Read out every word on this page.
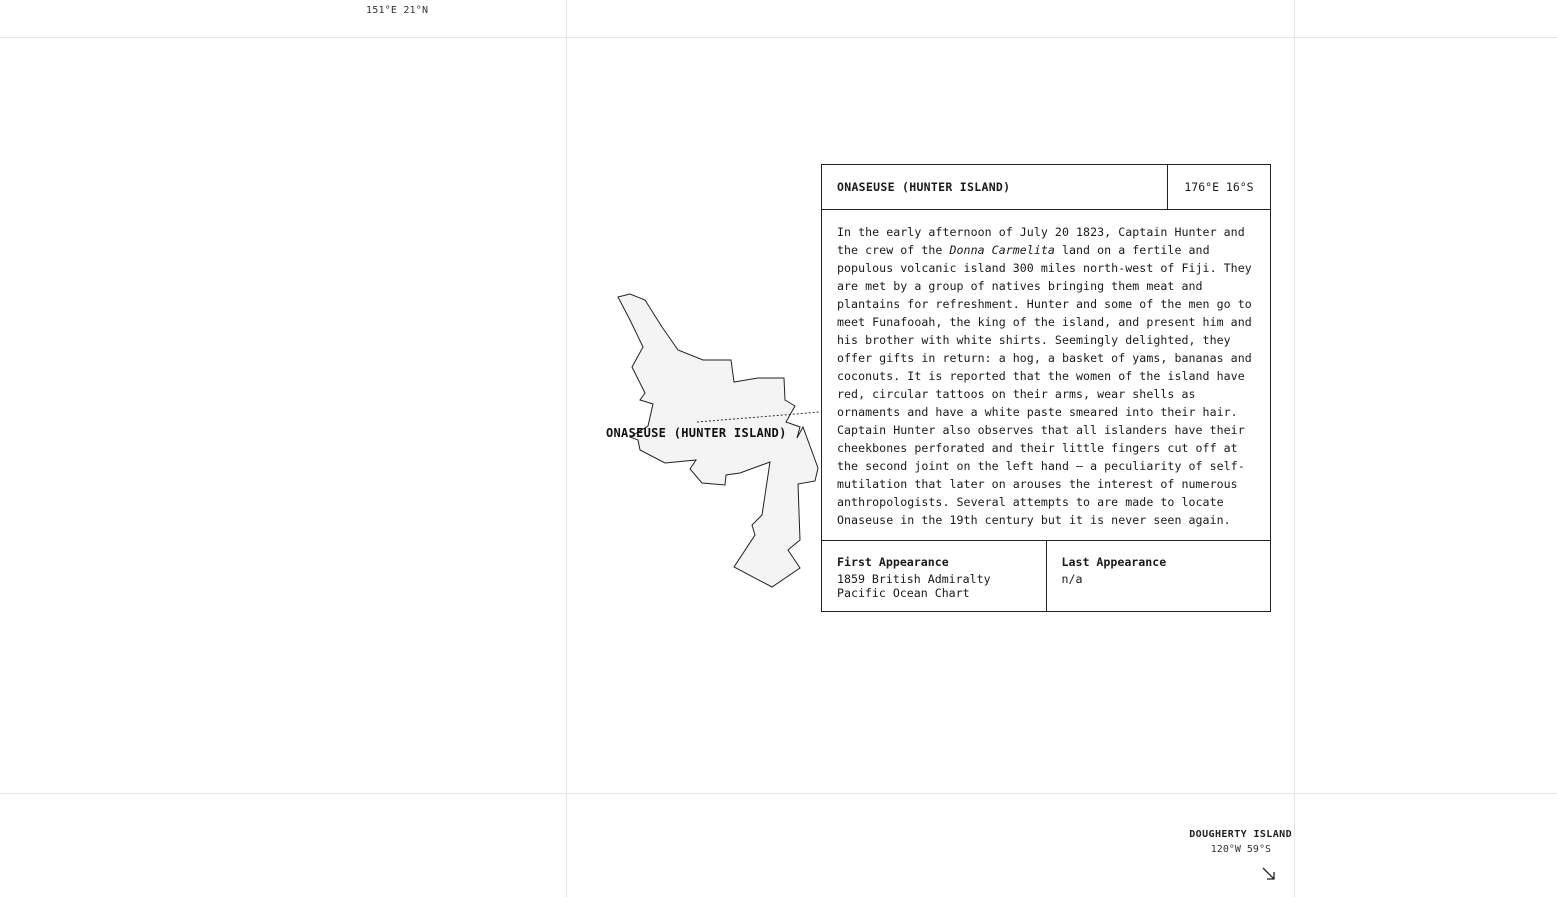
151°E 21°N
ONASEUSE (HUNTER ISLAND)
ONASEUSE (HUNTER ISLAND)	176°E 16°S
In the early afternoon of July 20 1823, Captain Hunter and the crew of the Donna Carmelita land on a fertile and populous volcanic island 300 miles north-west of Fiji. They are met by a group of natives bringing them meat and plantains for refreshment. Hunter and some of the men go to meet Funafooah, the king of the island, and present him and his brother with white shirts. Seemingly delighted, they offer gifts in return: a hog, a basket of yams, bananas and coconuts. It is reported that the women of the island have red, circular tattoos on their arms, wear shells as ornaments and have a white paste smeared into their hair. Captain Hunter also observes that all islanders have their cheekbones perforated and their little fingers cut off at the second joint on the left hand – a peculiarity of self-mutilation that later on arouses the interest of numerous anthropologists. Several attempts to are made to locate Onaseuse in the 19th century but it is never seen again.
First Appearance
1859 British Admiralty Pacific Ocean Chart
Last Appearance
n/a
DOUGHERTY ISLAND
120°W 59°S
